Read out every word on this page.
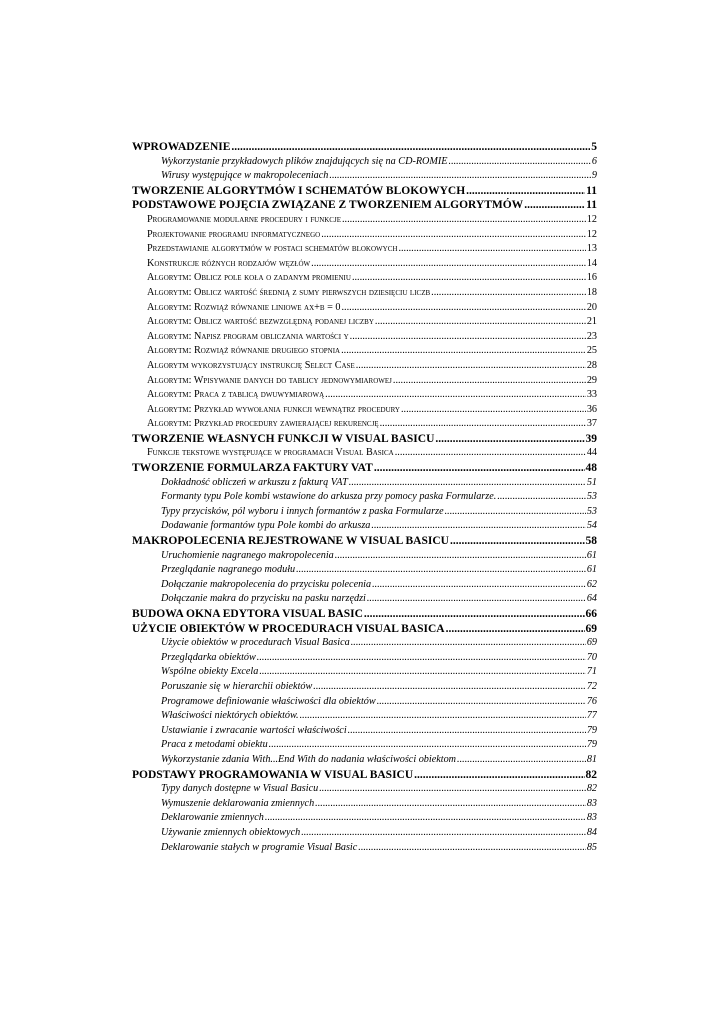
WPROWADZENIE .....	5
Wykorzystanie przykładowych plików znajdujących się na CD-ROMIE .....	6
Wirusy występujące w makropoleceniach .....	9
TWORZENIE ALGORYTMÓW I SCHEMATÓW BLOKOWYCH .....	11
PODSTAWOWE POJĘCIA ZWIĄZANE Z TWORZENIEM ALGORYTMÓW .....	11
Programowanie modularne procedury i funkcje .....	12
Projektowanie programu informatycznego .....	12
Przedstawianie algorytmów w postaci schematów blokowych .....	13
Konstrukcje różnych rodzajów węzłów .....	14
Algorytm: Oblicz pole koła o zadanym promieniu .....	16
Algorytm: Oblicz wartość średnią z sumy pierwszych dziesięciu liczb .....	18
Algorytm: Rozwiąż równanie liniowe ax+b = 0 .....	20
Algorytm: Oblicz wartość bezwzględną podanej liczby .....	21
Algorytm: Napisz program obliczania wartości y .....	23
Algorytm: Rozwiąż równanie drugiego stopnia .....	25
Algorytm wykorzystujący instrukcję Select Case .....	28
Algorytm: Wpisywanie danych do tablicy jednowymiarowej .....	29
Algorytm: Praca z tablicą dwuwymiarową .....	33
Algorytm: Przykład wywołania funkcji wewnątrz procedury .....	36
Algorytm: Przykład procedury zawierającej rekurencję .....	37
TWORZENIE WŁASNYCH FUNKCJI W VISUAL BASICU .....	39
Funkcje tekstowe występujące w programach Visual Basica .....	44
TWORZENIE FORMULARZA FAKTURY VAT .....	48
Dokładność obliczeń w arkuszu z fakturą VAT .....	51
Formanty typu Pole kombi wstawione do arkusza przy pomocy paska Formularze. .....	53
Typy przycisków, pól wyboru i innych formantów z paska Formularze .....	53
Dodawanie formantów typu Pole kombi do arkusza .....	54
MAKROPOLECENIA REJESTROWANE W VISUAL BASICU .....	58
Uruchomienie nagranego makropolecenia .....	61
Przeglądanie nagranego modułu .....	61
Dołączanie makropolecenia do przycisku polecenia .....	62
Dołączanie makra do przycisku na pasku narzędzi .....	64
BUDOWA OKNA EDYTORA VISUAL BASIC .....	66
UŻYCIE OBIEKTÓW W PROCEDURACH VISUAL BASICA .....	69
Użycie obiektów w procedurach Visual Basica .....	69
Przeglądarka obiektów .....	70
Wspólne obiekty Excela .....	71
Poruszanie się w hierarchii obiektów .....	72
Programowe definiowanie właściwości dla obiektów .....	76
Właściwości niektórych obiektów. .....	77
Ustawianie i zwracanie wartości właściwości .....	79
Praca z metodami obiektu .....	79
Wykorzystanie zdania With...End With do nadania właściwości obiektom .....	81
PODSTAWY PROGRAMOWANIA W VISUAL BASICU .....	82
Typy danych dostępne w Visual Basicu .....	82
Wymuszenie deklarowania zmiennych .....	83
Deklarowanie zmiennych .....	83
Używanie zmiennych obiektowych .....	84
Deklarowanie stałych w programie Visual Basic .....	85
